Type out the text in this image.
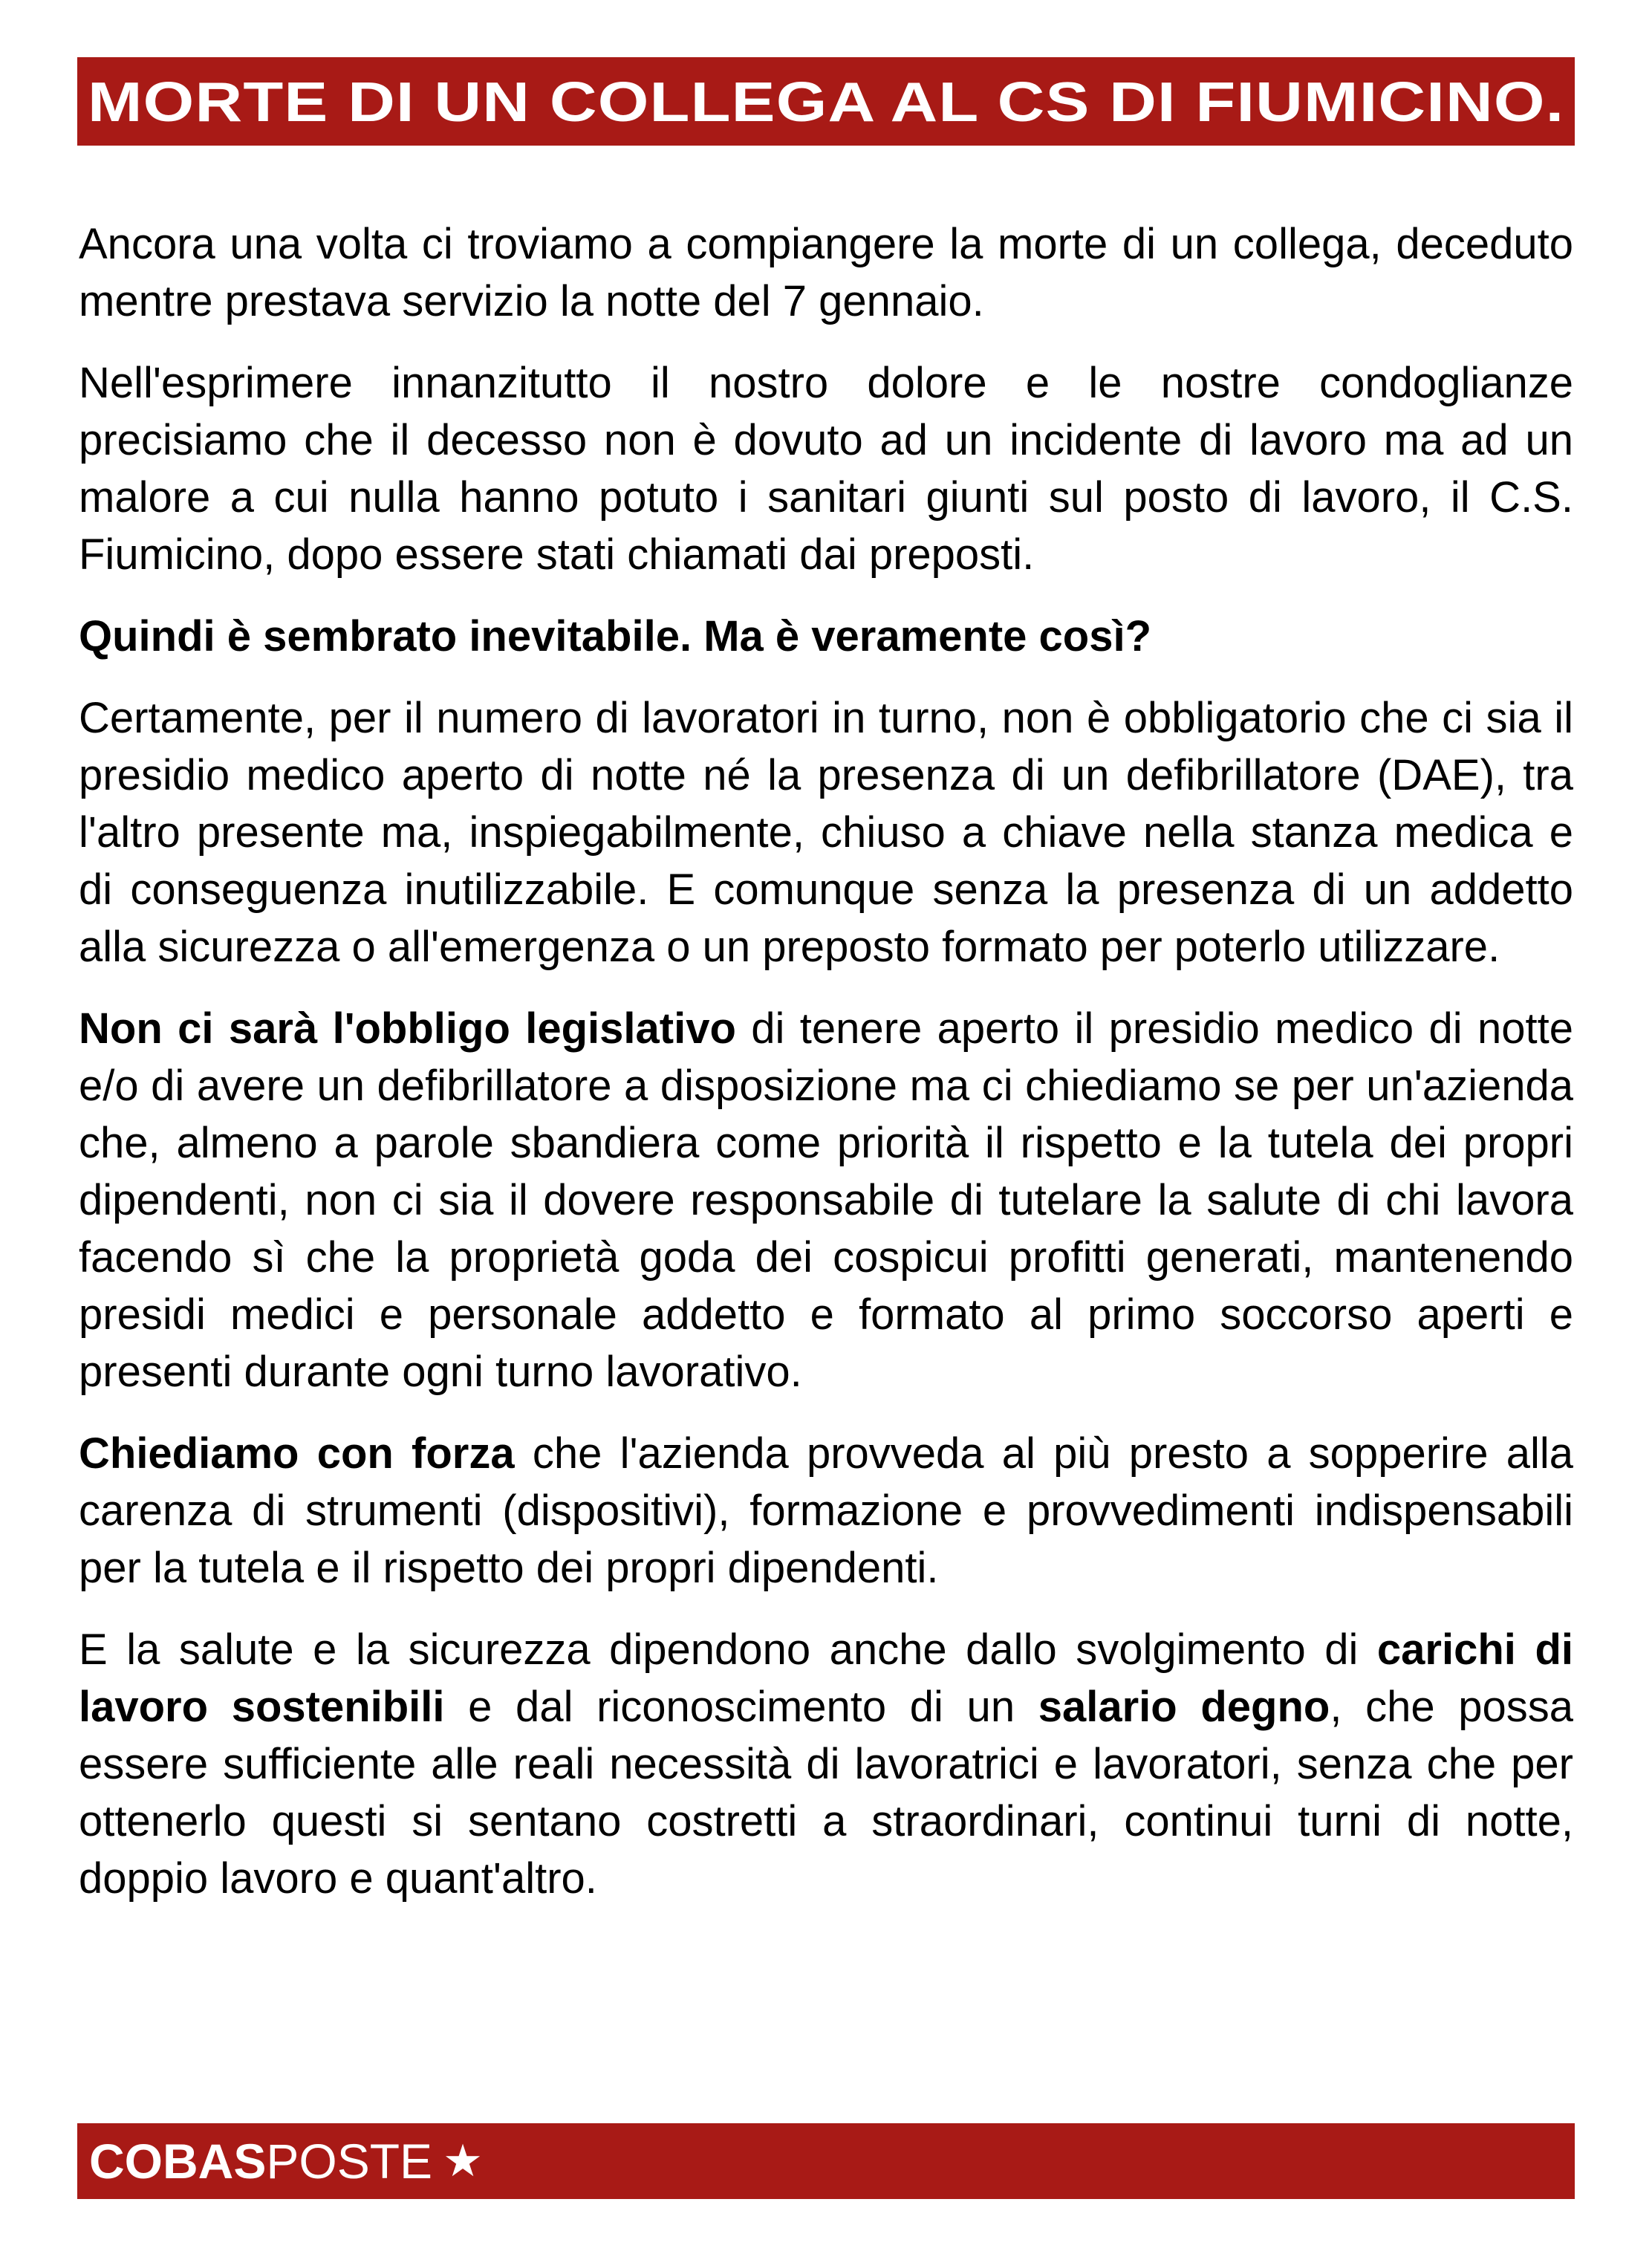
MORTE DI UN COLLEGA AL CS DI FIUMICINO.

Ancora una volta ci troviamo a compiangere la morte di un collega, deceduto mentre prestava servizio la notte del 7 gennaio.

Nell'esprimere innanzitutto il nostro dolore e le nostre condoglianze precisiamo che il decesso non è dovuto ad un incidente di lavoro ma ad un malore a cui nulla hanno potuto i sanitari giunti sul posto di lavoro, il C.S. Fiumicino, dopo essere stati chiamati dai preposti.

Quindi è sembrato inevitabile. Ma è veramente così?

Certamente, per il numero di lavoratori in turno, non è obbligatorio che ci sia il presidio medico aperto di notte né la presenza di un defibrillatore (DAE), tra l'altro presente ma, inspiegabilmente, chiuso a chiave nella stanza medica e di conseguenza inutilizzabile. E comunque senza la presenza di un addetto alla sicurezza o all'emergenza o un preposto formato per poterlo utilizzare.

Non ci sarà l'obbligo legislativo di tenere aperto il presidio medico di notte e/o di avere un defibrillatore a disposizione ma ci chiediamo se per un'azienda che, almeno a parole sbandiera come priorità il rispetto e la tutela dei propri dipendenti, non ci sia il dovere responsabile di tutelare la salute di chi lavora facendo sì che la proprietà goda dei cospicui profitti generati, mantenendo presidi medici e personale addetto e formato al primo soccorso aperti e presenti durante ogni turno lavorativo.

Chiediamo con forza che l'azienda provveda al più presto a sopperire alla carenza di strumenti (dispositivi), formazione e provvedimenti indispensabili per la tutela e il rispetto dei propri dipendenti.

E la salute e la sicurezza dipendono anche dallo svolgimento di carichi di lavoro sostenibili e dal riconoscimento di un salario degno, che possa essere sufficiente alle reali necessità di lavoratrici e lavoratori, senza che per ottenerlo questi si sentano costretti a straordinari, continui turni di notte, doppio lavoro e quant'altro.

COBAS POSTE ★
